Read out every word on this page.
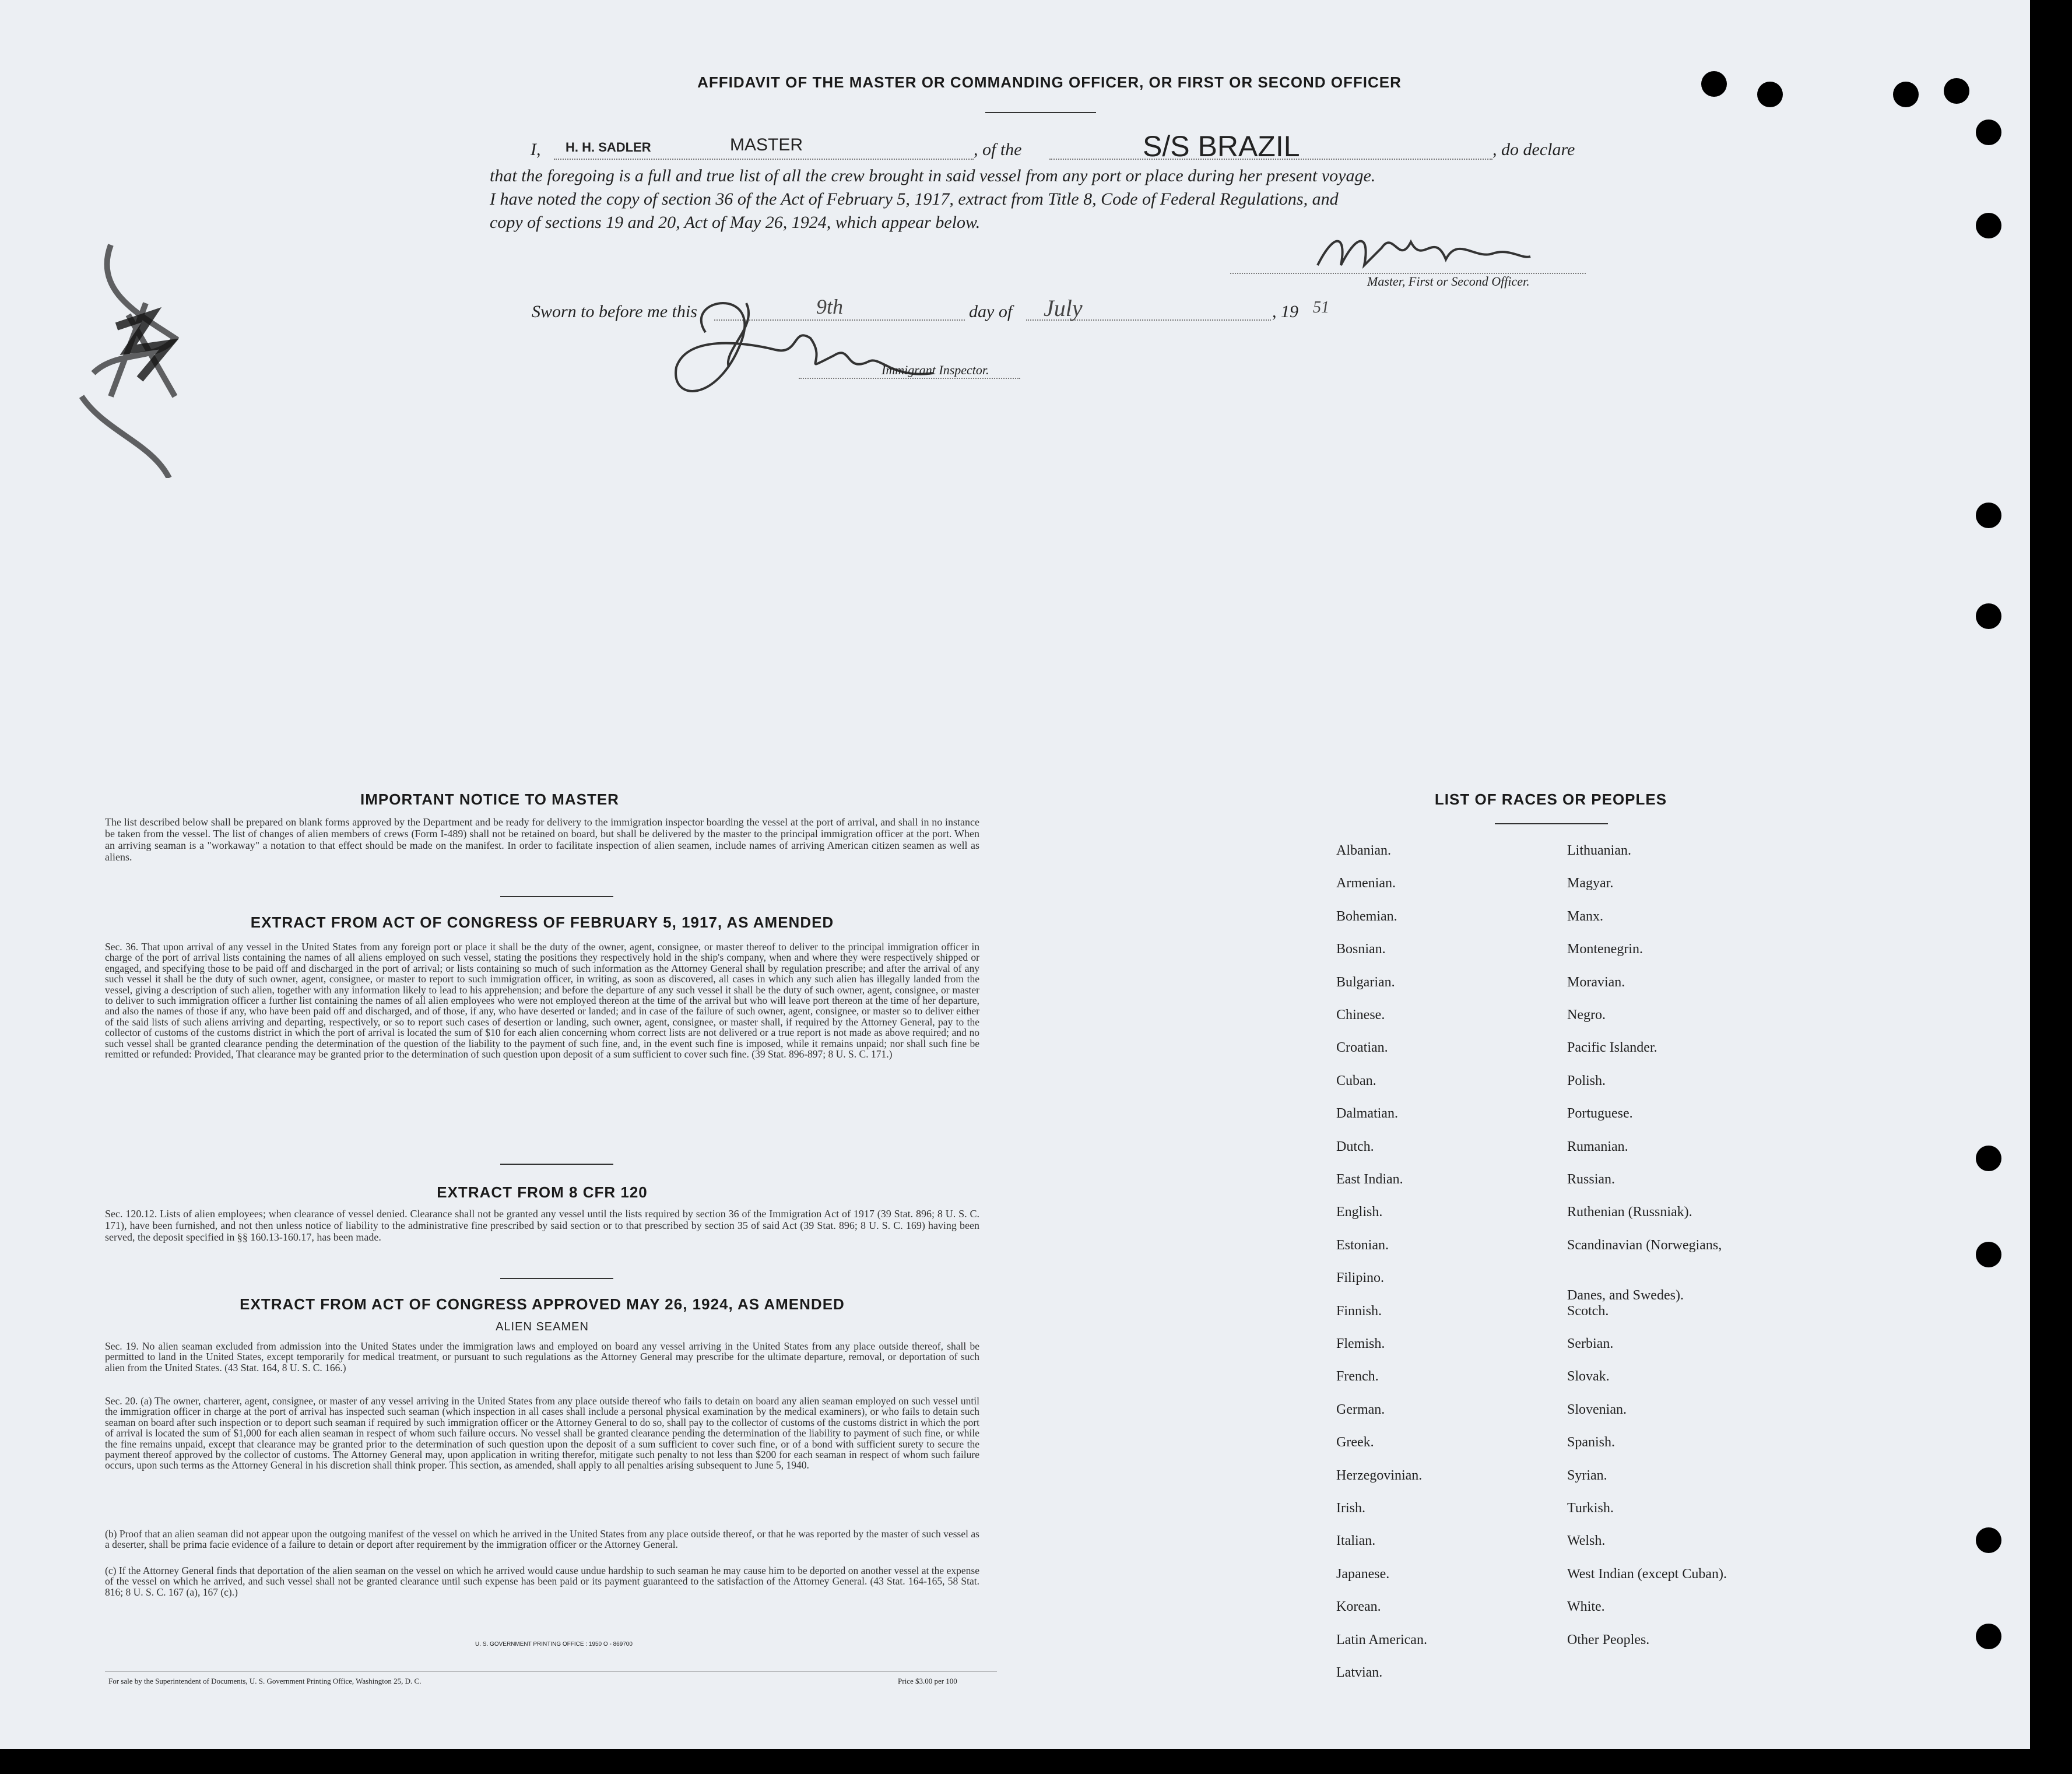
AFFIDAVIT OF THE MASTER OR COMMANDING OFFICER, OR FIRST OR SECOND OFFICER
I, H. H. SADLER	MASTER	, of the	S/S BRAZIL	, do declare
that the foregoing is a full and true list of all the crew brought in said vessel from any port or place during her present voyage.
I have noted the copy of section 36 of the Act of February 5, 1917, extract from Title 8, Code of Federal Regulations, and
copy of sections 19 and 20, Act of May 26, 1924, which appear below.
Master, First or Second Officer.
Sworn to before me this	9th	day of July	, 19 51
Immigrant Inspector.
IMPORTANT NOTICE TO MASTER
The list described below shall be prepared on blank forms approved by the Department and be ready for delivery to the immigration inspector boarding the vessel at the port of arrival, and shall in no instance be taken from the vessel. The list of changes of alien members of crews (Form I-489) shall not be retained on board, but shall be delivered by the master to the principal immigration officer at the port. When an arriving seaman is a "workaway" a notation to that effect should be made on the manifest. In order to facilitate inspection of alien seamen, include names of arriving American citizen seamen as well as aliens.
EXTRACT FROM ACT OF CONGRESS OF FEBRUARY 5, 1917, AS AMENDED
Sec. 36. That upon arrival of any vessel in the United States from any foreign port or place it shall be the duty of the owner, agent, consignee, or master thereof to deliver to the principal immigration officer in charge of the port of arrival lists containing the names of all aliens employed on such vessel, stating the positions they respectively hold in the ship's company, when and where they were respectively shipped or engaged, and specifying those to be paid off and discharged in the port of arrival; or lists containing so much of such information as the Attorney General shall by regulation prescribe; and after the arrival of any such vessel it shall be the duty of such owner, agent, consignee, or master to report to such immigration officer, in writing, as soon as discovered, all cases in which any such alien has illegally landed from the vessel, giving a description of such alien, together with any information likely to lead to his apprehension; and before the departure of any such vessel it shall be the duty of such owner, agent, consignee, or master to deliver to such immigration officer a further list containing the names of all alien employees who were not employed thereon at the time of the arrival but who will leave port thereon at the time of her departure, and also the names of those if any, who have been paid off and discharged, and of those, if any, who have deserted or landed; and in case of the failure of such owner, agent, consignee, or master so to deliver either of the said lists of such aliens arriving and departing, respectively, or so to report such cases of desertion or landing, such owner, agent, consignee, or master shall, if required by the Attorney General, pay to the collector of customs of the customs district in which the port of arrival is located the sum of $10 for each alien concerning whom correct lists are not delivered or a true report is not made as above required; and no such vessel shall be granted clearance pending the determination of the question of the liability to the payment of such fine, and, in the event such fine is imposed, while it remains unpaid; nor shall such fine be remitted or refunded: Provided, That clearance may be granted prior to the determination of such question upon deposit of a sum sufficient to cover such fine. (39 Stat. 896-897; 8 U. S. C. 171.)
EXTRACT FROM 8 CFR 120
Sec. 120.12. Lists of alien employees; when clearance of vessel denied. Clearance shall not be granted any vessel until the lists required by section 36 of the Immigration Act of 1917 (39 Stat. 896; 8 U. S. C. 171), have been furnished, and not then unless notice of liability to the administrative fine prescribed by said section or to that prescribed by section 35 of said Act (39 Stat. 896; 8 U. S. C. 169) having been served, the deposit specified in §§ 160.13-160.17, has been made.
EXTRACT FROM ACT OF CONGRESS APPROVED MAY 26, 1924, AS AMENDED
ALIEN SEAMEN
Sec. 19. No alien seaman excluded from admission into the United States under the immigration laws and employed on board any vessel arriving in the United States from any place outside thereof, shall be permitted to land in the United States, except temporarily for medical treatment, or pursuant to such regulations as the Attorney General may prescribe for the ultimate departure, removal, or deportation of such alien from the United States. (43 Stat. 164, 8 U. S. C. 166.)
Sec. 20. (a) The owner, charterer, agent, consignee, or master of any vessel arriving in the United States from any place outside thereof who fails to detain on board any alien seaman employed on such vessel until the immigration officer in charge at the port of arrival has inspected such seaman (which inspection in all cases shall include a personal physical examination by the medical examiners), or who fails to detain such seaman on board after such inspection or to deport such seaman if required by such immigration officer or the Attorney General to do so, shall pay to the collector of customs of the customs district in which the port of arrival is located the sum of $1,000 for each alien seaman in respect of whom such failure occurs. No vessel shall be granted clearance pending the determination of the liability to payment of such fine, or while the fine remains unpaid, except that clearance may be granted prior to the determination of such question upon the deposit of a sum sufficient to cover such fine, or of a bond with sufficient surety to secure the payment thereof approved by the collector of customs. The Attorney General may, upon application in writing therefor, mitigate such penalty to not less than $200 for each seaman in respect of whom such failure occurs, upon such terms as the Attorney General in his discretion shall think proper. This section, as amended, shall apply to all penalties arising subsequent to June 5, 1940.
(b) Proof that an alien seaman did not appear upon the outgoing manifest of the vessel on which he arrived in the United States from any place outside thereof, or that he was reported by the master of such vessel as a deserter, shall be prima facie evidence of a failure to detain or deport after requirement by the immigration officer or the Attorney General.
(c) If the Attorney General finds that deportation of the alien seaman on the vessel on which he arrived would cause undue hardship to such seaman he may cause him to be deported on another vessel at the expense of the vessel on which he arrived, and such vessel shall not be granted clearance until such expense has been paid or its payment guaranteed to the satisfaction of the Attorney General. (43 Stat. 164-165, 58 Stat. 816; 8 U. S. C. 167 (a), 167 (c).)
U. S. GOVERNMENT PRINTING OFFICE : 1950 O - 869700
For sale by the Superintendent of Documents, U. S. Government Printing Office, Washington 25, D. C.	Price $3.00 per 100
LIST OF RACES OR PEOPLES
Albanian.
Armenian.
Bohemian.
Bosnian.
Bulgarian.
Chinese.
Croatian.
Cuban.
Dalmatian.
Dutch.
East Indian.
English.
Estonian.
Filipino.
Finnish.
Flemish.
French.
German.
Greek.
Herzegovinian.
Irish.
Italian.
Japanese.
Korean.
Latin American.
Latvian.
Lithuanian.
Magyar.
Manx.
Montenegrin.
Moravian.
Negro.
Pacific Islander.
Polish.
Portuguese.
Rumanian.
Russian.
Ruthenian (Russniak).
Scandinavian (Norwegians,
Danes, and Swedes).
Scotch.
Serbian.
Slovak.
Slovenian.
Spanish.
Syrian.
Turkish.
Welsh.
West Indian (except Cuban).
White.
Other Peoples.
